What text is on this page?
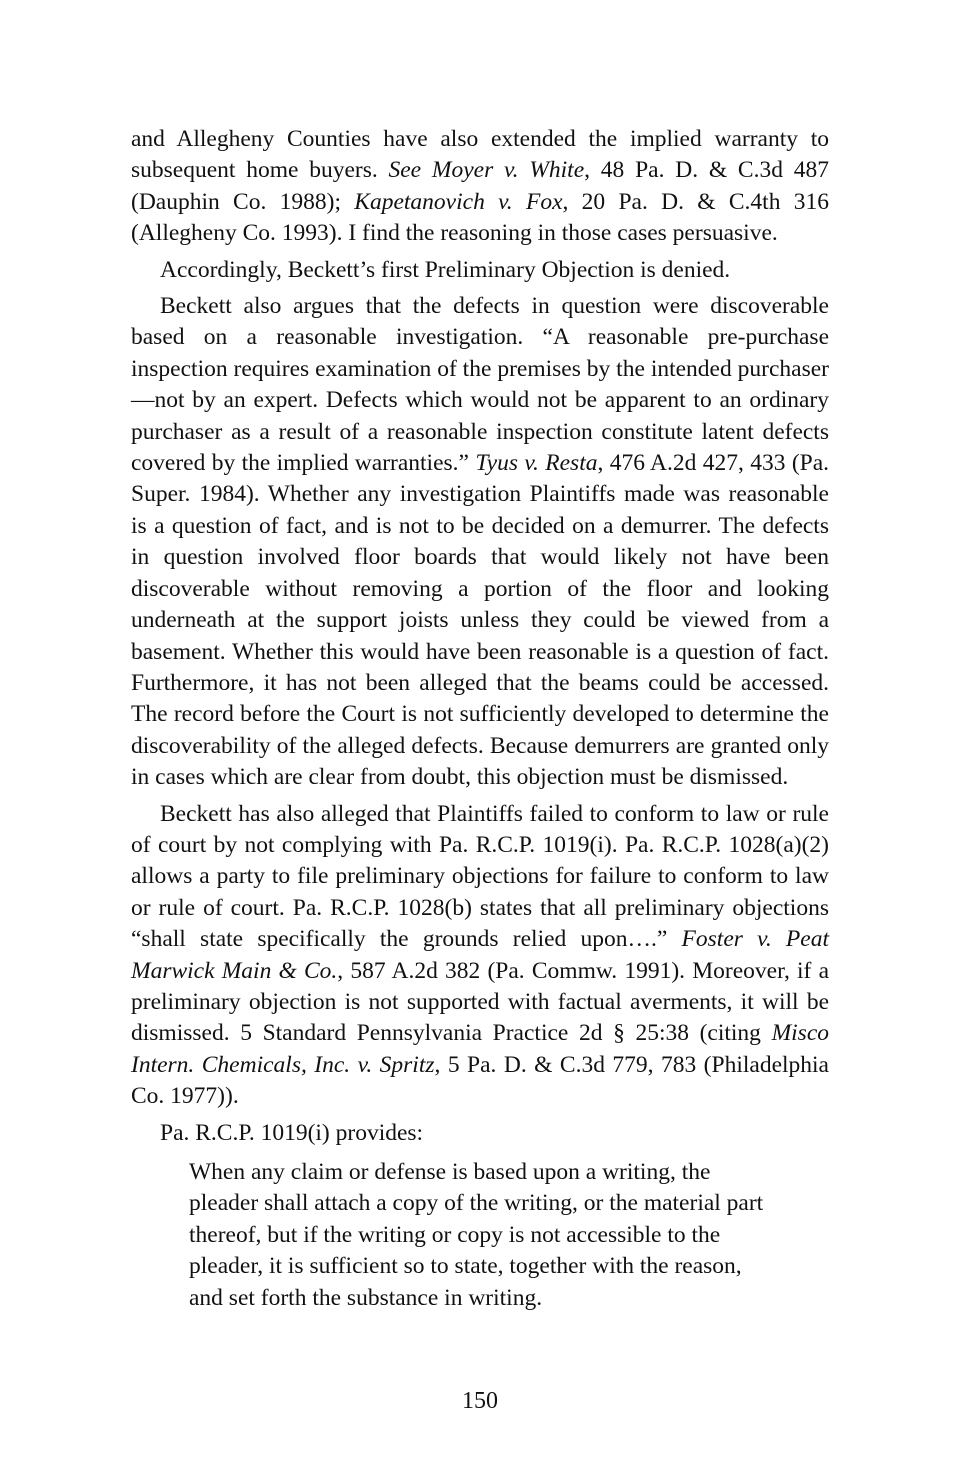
and Allegheny Counties have also extended the implied warranty to subsequent home buyers. See Moyer v. White, 48 Pa. D. & C.3d 487 (Dauphin Co. 1988); Kapetanovich v. Fox, 20 Pa. D. & C.4th 316 (Allegheny Co. 1993). I find the reasoning in those cases persuasive.

Accordingly, Beckett’s first Preliminary Objection is denied.

Beckett also argues that the defects in question were discoverable based on a reasonable investigation. “A reasonable pre-purchase inspection requires examination of the premises by the intended purchaser—not by an expert. Defects which would not be apparent to an ordinary purchaser as a result of a reasonable inspection constitute latent defects covered by the implied warranties.” Tyus v. Resta, 476 A.2d 427, 433 (Pa. Super. 1984). Whether any investigation Plaintiffs made was reasonable is a question of fact, and is not to be decided on a demurrer. The defects in question involved floor boards that would likely not have been discoverable without removing a portion of the floor and looking underneath at the support joists unless they could be viewed from a basement. Whether this would have been reasonable is a question of fact. Furthermore, it has not been alleged that the beams could be accessed. The record before the Court is not sufficiently developed to determine the discoverability of the alleged defects. Because demurrers are granted only in cases which are clear from doubt, this objection must be dismissed.

Beckett has also alleged that Plaintiffs failed to conform to law or rule of court by not complying with Pa. R.C.P. 1019(i). Pa. R.C.P. 1028(a)(2) allows a party to file preliminary objections for failure to conform to law or rule of court. Pa. R.C.P. 1028(b) states that all preliminary objections “shall state specifically the grounds relied upon….” Foster v. Peat Marwick Main & Co., 587 A.2d 382 (Pa. Commw. 1991). Moreover, if a preliminary objection is not supported with factual averments, it will be dismissed. 5 Standard Pennsylvania Practice 2d § 25:38 (citing Misco Intern. Chemicals, Inc. v. Spritz, 5 Pa. D. & C.3d 779, 783 (Philadelphia Co. 1977)).

Pa. R.C.P. 1019(i) provides:

When any claim or defense is based upon a writing, the pleader shall attach a copy of the writing, or the material part thereof, but if the writing or copy is not accessible to the pleader, it is sufficient so to state, together with the reason, and set forth the substance in writing.

150
